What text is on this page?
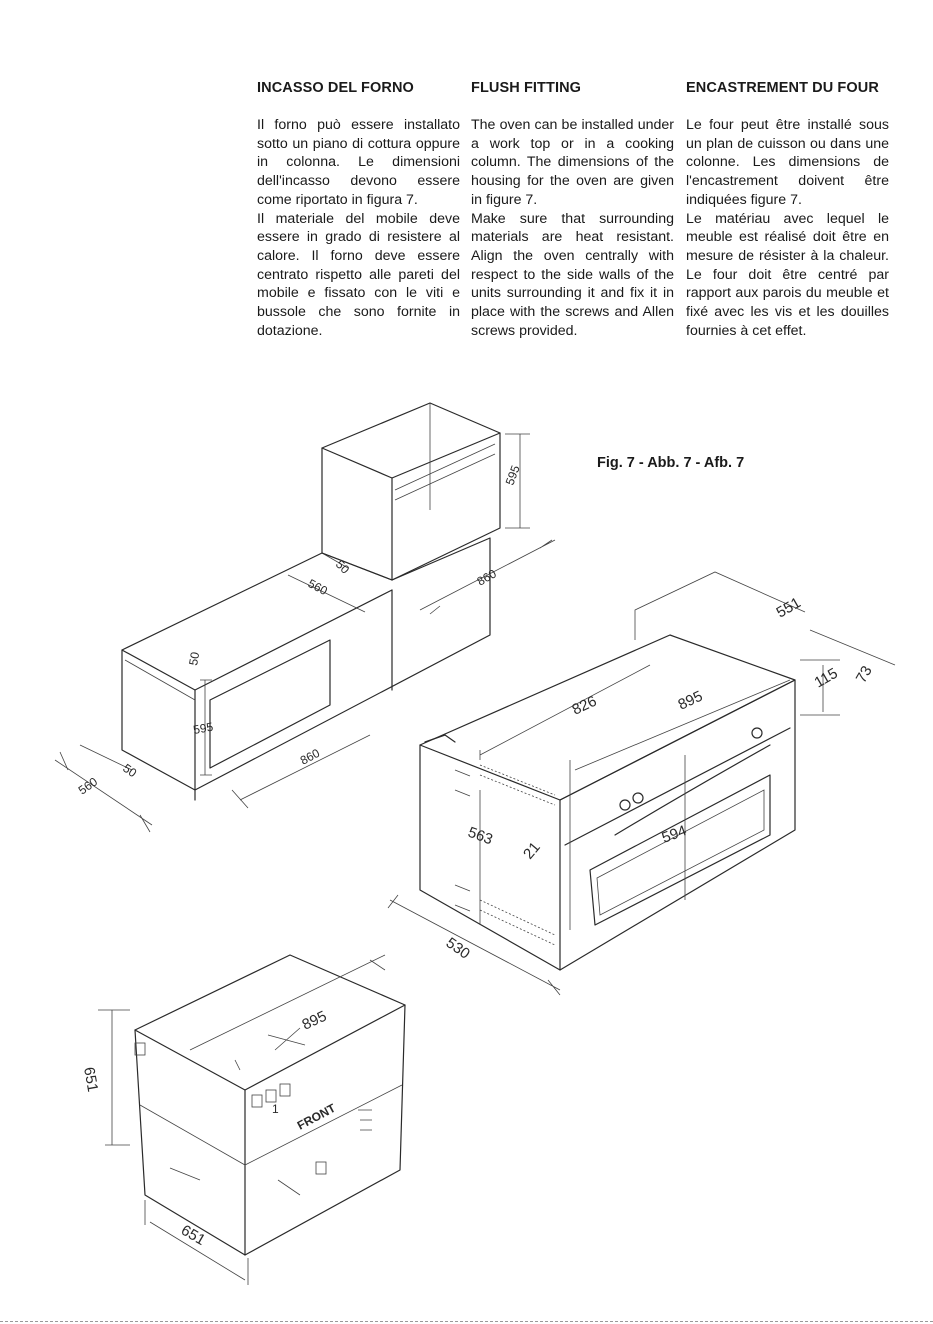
INCASSO DEL FORNO

Il forno può essere installato sotto un piano di cottura oppure in colonna. Le dimensioni dell'incasso devono essere come riportato in figura 7.

Il materiale del mobile deve essere in grado di resistere al calore. Il forno deve essere centrato rispetto alle pareti del mobile e fissato con le viti e bussole che sono fornite in dotazione.

FLUSH FITTING

The oven can be installed under a work top or in a cooking column. The dimensions of the housing for the oven are given in figure 7.

Make sure that surrounding materials are heat resistant. Align the oven centrally with respect to the side walls of the units surrounding it and fix it in place with the screws and Allen screws provided.

ENCASTREMENT DU FOUR

Le four peut être installé sous un plan de cuisson ou dans une colonne. Les dimensions de l'encastrement doivent être indiquées figure 7.

Le matériau avec lequel le meuble est réalisé doit être en mesure de résister à la chaleur. Le four doit être centré par rapport aux parois du meuble et fixé avec les vis et les douilles fournies à cet effet.

Fig. 7 - Abb. 7 - Afb. 7
595
50
560	860
50
595
860
50
560
895
826
551
115 73
563	594
21
530
895
651
651
FRONT
1
